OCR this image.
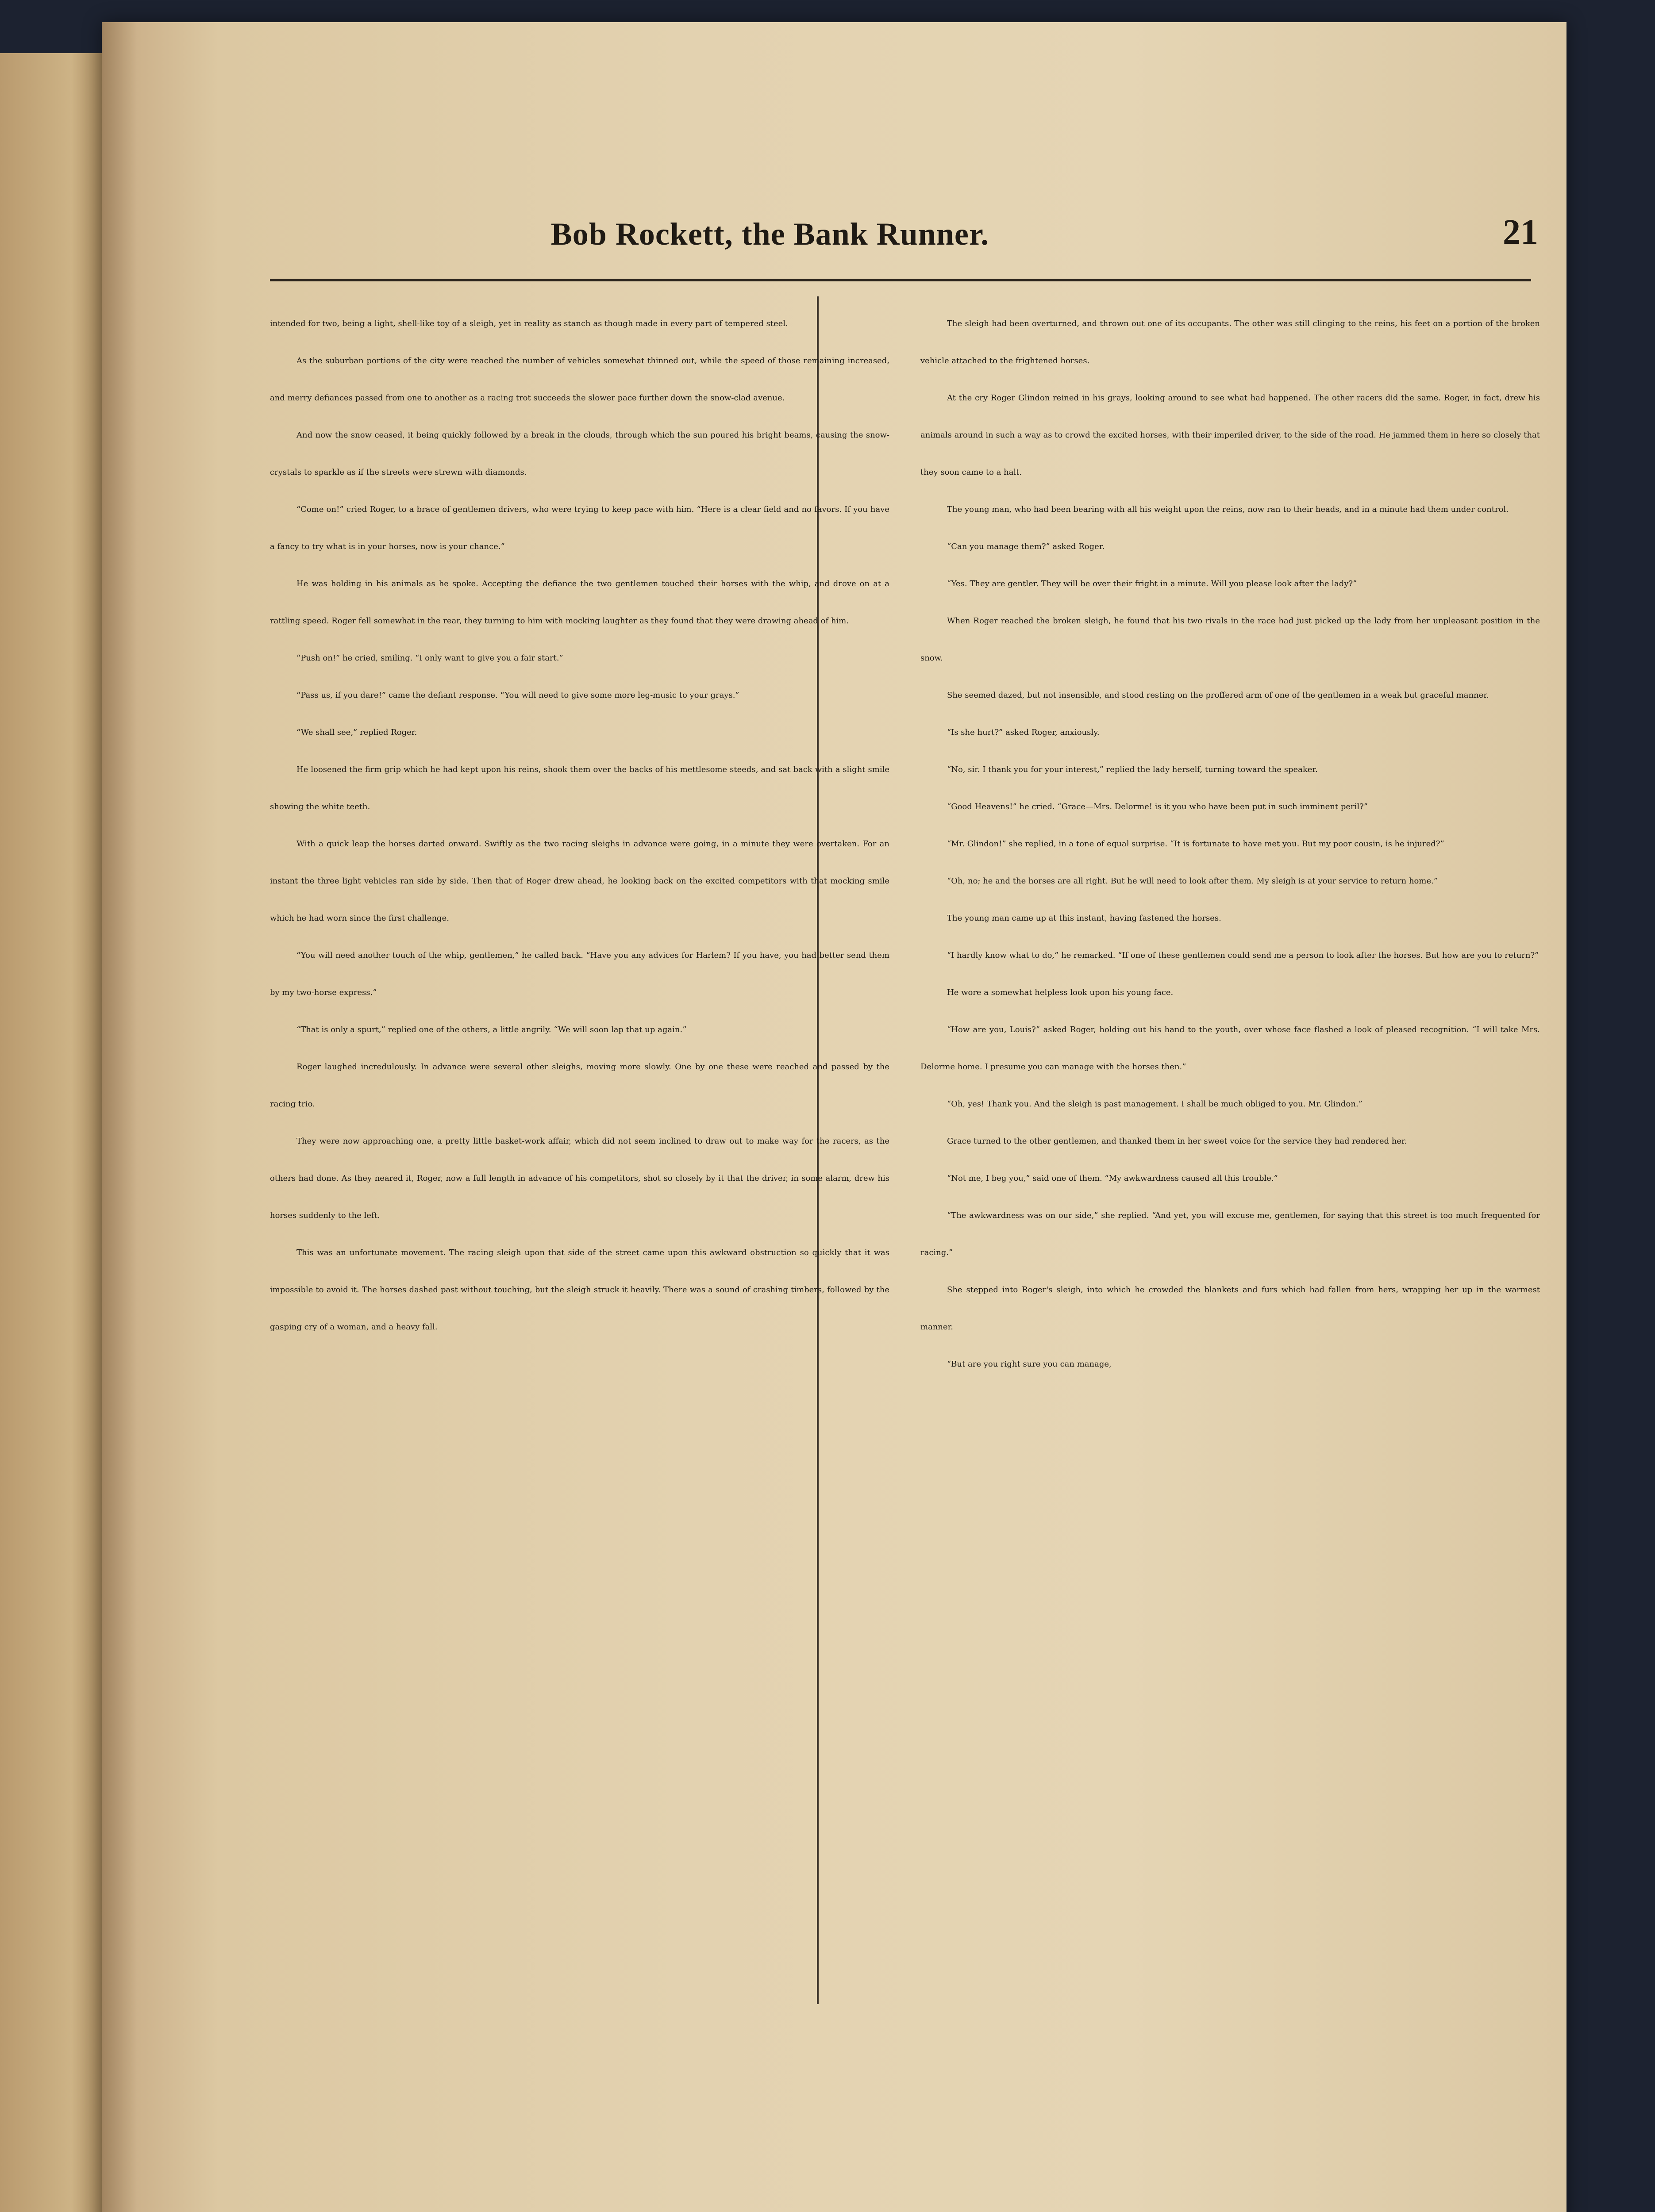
Bob Rockett, the Bank Runner.	21

intended for two, being a light, shell-like toy of a sleigh, yet in reality as stanch as though made in every part of tempered steel.

As the suburban portions of the city were reached the number of vehicles somewhat thinned out, while the speed of those remaining increased, and merry defiances passed from one to another as a racing trot succeeds the slower pace further down the snow-clad avenue.

And now the snow ceased, it being quickly followed by a break in the clouds, through which the sun poured his bright beams, causing the snow-crystals to sparkle as if the streets were strewn with diamonds.

“Come on!” cried Roger, to a brace of gentlemen drivers, who were trying to keep pace with him. “Here is a clear field and no favors. If you have a fancy to try what is in your horses, now is your chance.”

He was holding in his animals as he spoke. Accepting the defiance the two gentlemen touched their horses with the whip, and drove on at a rattling speed. Roger fell somewhat in the rear, they turning to him with mocking laughter as they found that they were drawing ahead of him.

“Push on!” he cried, smiling. “I only want to give you a fair start.”

“Pass us, if you dare!” came the defiant response. “You will need to give some more leg-music to your grays.”

“We shall see,” replied Roger.

He loosened the firm grip which he had kept upon his reins, shook them over the backs of his mettlesome steeds, and sat back with a slight smile showing the white teeth.

With a quick leap the horses darted onward. Swiftly as the two racing sleighs in advance were going, in a minute they were overtaken. For an instant the three light vehicles ran side by side. Then that of Roger drew ahead, he looking back on the excited competitors with that mocking smile which he had worn since the first challenge.

“You will need another touch of the whip, gentlemen,” he called back. “Have you any advices for Harlem? If you have, you had better send them by my two-horse express.”

“That is only a spurt,” replied one of the others, a little angrily. “We will soon lap that up again.”

Roger laughed incredulously. In advance were several other sleighs, moving more slowly. One by one these were reached and passed by the racing trio.

They were now approaching one, a pretty little basket-work affair, which did not seem inclined to draw out to make way for the racers, as the others had done. As they neared it, Roger, now a full length in advance of his competitors, shot so closely by it that the driver, in some alarm, drew his horses suddenly to the left.

This was an unfortunate movement. The racing sleigh upon that side of the street came upon this awkward obstruction so quickly that it was impossible to avoid it. The horses dashed past without touching, but the sleigh struck it heavily. There was a sound of crashing timbers, followed by the gasping cry of a woman, and a heavy fall.

The sleigh had been overturned, and thrown out one of its occupants. The other was still clinging to the reins, his feet on a portion of the broken vehicle attached to the frightened horses.

At the cry Roger Glindon reined in his grays, looking around to see what had happened. The other racers did the same. Roger, in fact, drew his animals around in such a way as to crowd the excited horses, with their imperiled driver, to the side of the road. He jammed them in here so closely that they soon came to a halt.

The young man, who had been bearing with all his weight upon the reins, now ran to their heads, and in a minute had them under control.

“Can you manage them?” asked Roger.

“Yes. They are gentler. They will be over their fright in a minute. Will you please look after the lady?”

When Roger reached the broken sleigh, he found that his two rivals in the race had just picked up the lady from her unpleasant position in the snow.

She seemed dazed, but not insensible, and stood resting on the proffered arm of one of the gentlemen in a weak but graceful manner.

“Is she hurt?” asked Roger, anxiously.

“No, sir. I thank you for your interest,” replied the lady herself, turning toward the speaker.

“Good Heavens!” he cried. “Grace—Mrs. Delorme! is it you who have been put in such imminent peril?”

“Mr. Glindon!” she replied, in a tone of equal surprise. “It is fortunate to have met you. But my poor cousin, is he injured?”

“Oh, no; he and the horses are all right. But he will need to look after them. My sleigh is at your service to return home.”

The young man came up at this instant, having fastened the horses.

“I hardly know what to do,” he remarked. “If one of these gentlemen could send me a person to look after the horses. But how are you to return?”

He wore a somewhat helpless look upon his young face.

“How are you, Louis?” asked Roger, holding out his hand to the youth, over whose face flashed a look of pleased recognition. “I will take Mrs. Delorme home. I presume you can manage with the horses then.”

“Oh, yes! Thank you. And the sleigh is past management. I shall be much obliged to you. Mr. Glindon.”

Grace turned to the other gentlemen, and thanked them in her sweet voice for the service they had rendered her.

“Not me, I beg you,” said one of them. “My awkwardness caused all this trouble.”

“The awkwardness was on our side,” she replied. “And yet, you will excuse me, gentlemen, for saying that this street is too much frequented for racing.”

She stepped into Roger's sleigh, into which he crowded the blankets and furs which had fallen from hers, wrapping her up in the warmest manner.

“But are you right sure you can manage,
